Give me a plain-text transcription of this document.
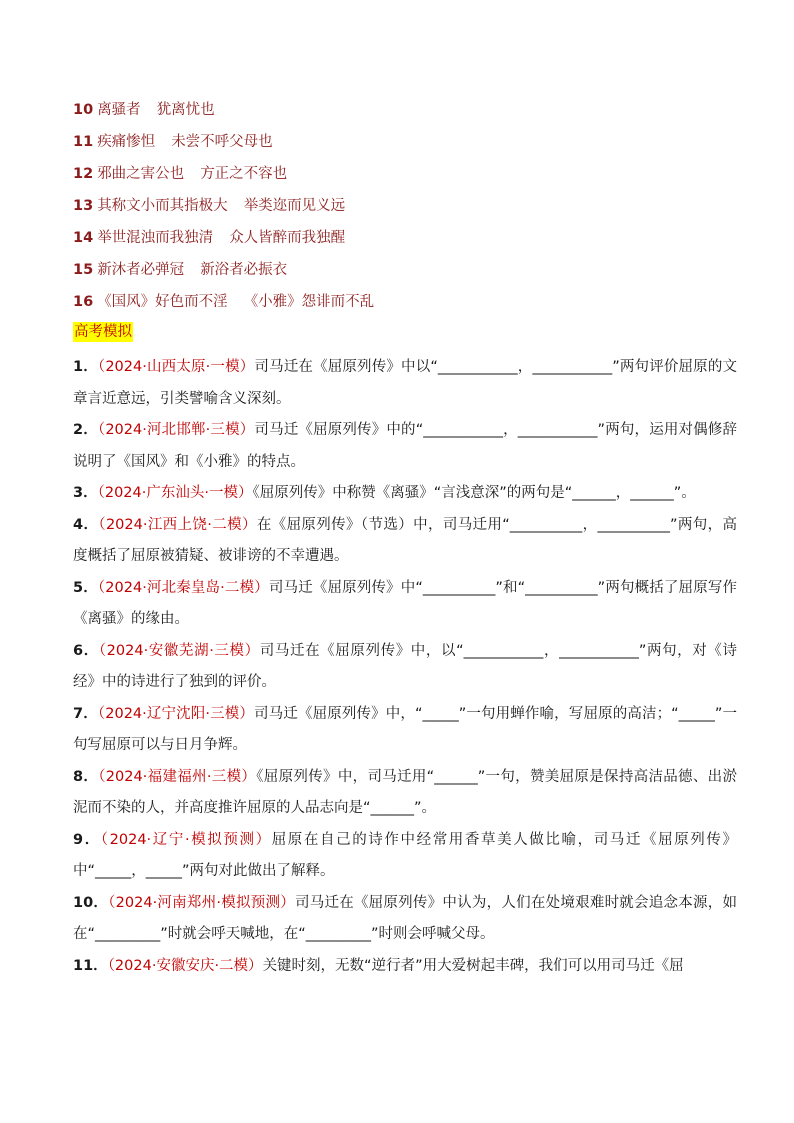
10 离骚者 犹离忧也
11 疾痛惨怛 未尝不呼父母也
12 邪曲之害公也 方正之不容也
13 其称文小而其指极大 举类迩而见义远
14 举世混浊而我独清 众人皆醉而我独醒
15 新沐者必弹冠 新浴者必振衣
16 《国风》好色而不淫 《小雅》怨诽而不乱
高考模拟
1．（2024·山西太原·一模）司马迁在《屈原列传》中以“___________，___________”两句评价屈原的文章言近意远，引类譬喻含义深刻。
2．（2024·河北邯郸·三模）司马迁《屈原列传》中的“___________，___________”两句，运用对偶修辞说明了《国风》和《小雅》的特点。
3．（2024·广东汕头·一模）《屈原列传》中称赞《离骚》“言浅意深”的两句是“______，______”。
4．（2024·江西上饶·二模）在《屈原列传》（节选）中，司马迁用“__________，__________”两句，高度概括了屈原被猜疑、被诽谤的不幸遭遇。
5．（2024·河北秦皇岛·二模）司马迁《屈原列传》中“__________”和“__________”两句概括了屈原写作《离骚》的缘由。
6．（2024·安徽芜湖·三模）司马迁在《屈原列传》中，以“___________，___________”两句，对《诗经》中的诗进行了独到的评价。
7．（2024·辽宁沈阳·三模）司马迁《屈原列传》中，“_____”一句用蝉作喻，写屈原的高洁；“_____”一句写屈原可以与日月争辉。
8．（2024·福建福州·三模）《屈原列传》中，司马迁用“______”一句，赞美屈原是保持高洁品德、出淤泥而不染的人，并高度推许屈原的人品志向是“______”。
9．（2024·辽宁·模拟预测）屈原在自己的诗作中经常用香草美人做比喻，司马迁《屈原列传》中“_____，_____”两句对此做出了解释。
10．（2024·河南郑州·模拟预测）司马迁在《屈原列传》中认为，人们在处境艰难时就会追念本源，如在“_________”时就会呼天喊地，在“_________”时则会呼喊父母。
11．（2024·安徽安庆·二模）关键时刻，无数“逆行者”用大爱树起丰碑，我们可以用司马迁《屈
